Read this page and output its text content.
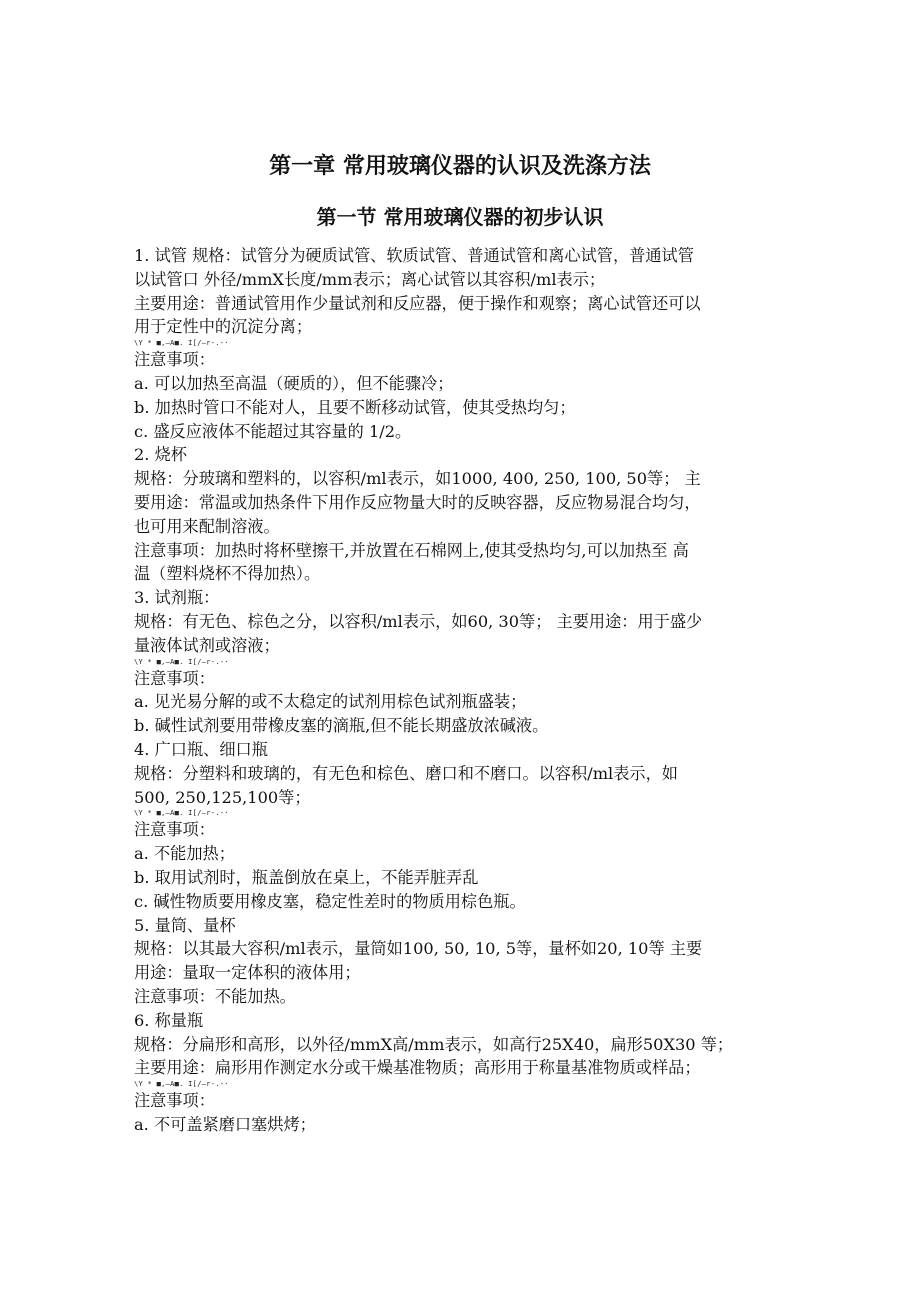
第一章 常用玻璃仪器的认识及洗涤方法
第一节 常用玻璃仪器的初步认识
1. 试管 规格：试管分为硬质试管、软质试管、普通试管和离心试管，普通试管
以试管口 外径/mmX长度/mm表示；离心试管以其容积/ml表示；
主要用途：普通试管用作少量试剂和反应器，便于操作和观察；离心试管还可以
用于定性中的沉淀分离；
\Y * ■,—A■. I[/—r-.-·
注意事项：
a. 可以加热至高温（硬质的），但不能骤冷；
b. 加热时管口不能对人，且要不断移动试管，使其受热均匀；
c. 盛反应液体不能超过其容量的 1/2。
2. 烧杯
规格：分玻璃和塑料的，以容积/ml表示，如1000, 400, 250, 100, 50等； 主
要用途：常温或加热条件下用作反应物量大时的反映容器，反应物易混合均匀，
也可用来配制溶液。
注意事项：加热时将杯壁擦干,并放置在石棉网上,使其受热均匀,可以加热至 高
温（塑料烧杯不得加热）。
3. 试剂瓶：
规格：有无色、棕色之分，以容积/ml表示，如60, 30等； 主要用途：用于盛少
量液体试剂或溶液；
\Y * ■,—A■. I[/—r-.-·
注意事项：
a. 见光易分解的或不太稳定的试剂用棕色试剂瓶盛装；
b. 碱性试剂要用带橡皮塞的滴瓶,但不能长期盛放浓碱液。
4. 广口瓶、细口瓶
规格：分塑料和玻璃的，有无色和棕色、磨口和不磨口。以容积/ml表示，如
500, 250,125,100等；
\Y * ■,—A■. I[/—r-.-·
注意事项：
a. 不能加热；
b. 取用试剂时，瓶盖倒放在桌上，不能弄脏弄乱
c. 碱性物质要用橡皮塞，稳定性差时的物质用棕色瓶。
5. 量筒、量杯
规格：以其最大容积/ml表示，量筒如100, 50, 10, 5等，量杯如20, 10等 主要
用途：量取一定体积的液体用；
注意事项：不能加热。
6. 称量瓶
规格：分扁形和高形，以外径/mmX高/mm表示，如高行25X40，扁形50X30 等；
主要用途：扁形用作测定水分或干燥基准物质；高形用于称量基准物质或样品；
\Y * ■,—A■. I[/—r-.-·
注意事项：
a. 不可盖紧磨口塞烘烤；
